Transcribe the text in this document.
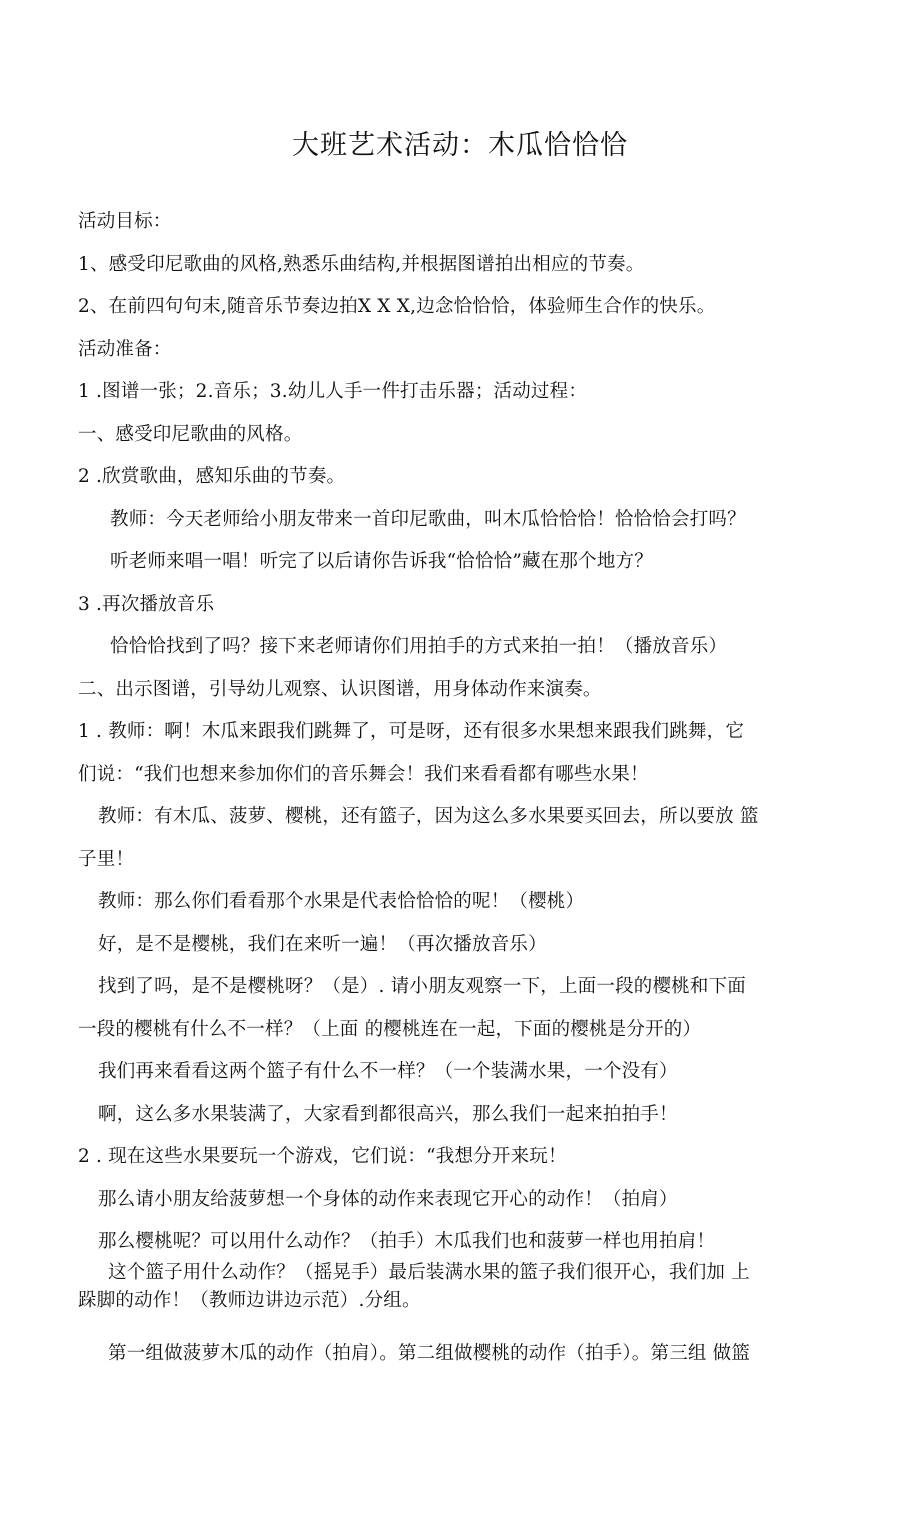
大班艺术活动：木瓜恰恰恰
活动目标：
1、感受印尼歌曲的风格,熟悉乐曲结构,并根据图谱拍出相应的节奏。
2、在前四句句末,随音乐节奏边拍X X X,边念恰恰恰，体验师生合作的快乐。
活动准备：
1 .图谱一张；2.音乐；3.幼儿人手一件打击乐器；活动过程：
一、感受印尼歌曲的风格。
2 .欣赏歌曲，感知乐曲的节奏。
教师：今天老师给小朋友带来一首印尼歌曲，叫木瓜恰恰恰！恰恰恰会打吗？
听老师来唱一唱！听完了以后请你告诉我“恰恰恰”藏在那个地方？
3 .再次播放音乐
恰恰恰找到了吗？接下来老师请你们用拍手的方式来拍一拍！（播放音乐）
二、出示图谱，引导幼儿观察、认识图谱，用身体动作来演奏。
1 . 教师：啊！木瓜来跟我们跳舞了，可是呀，还有很多水果想来跟我们跳舞，它
们说：“我们也想来参加你们的音乐舞会！我们来看看都有哪些水果！
教师：有木瓜、菠萝、樱桃，还有篮子，因为这么多水果要买回去，所以要放 篮
子里！
教师：那么你们看看那个水果是代表恰恰恰的呢！（樱桃）
好，是不是樱桃，我们在来听一遍！（再次播放音乐）
找到了吗，是不是樱桃呀？（是）. 请小朋友观察一下，上面一段的樱桃和下面
一段的樱桃有什么不一样？（上面 的樱桃连在一起，下面的樱桃是分开的）
我们再来看看这两个篮子有什么不一样？（一个装满水果，一个没有）
啊，这么多水果装满了，大家看到都很高兴，那么我们一起来拍拍手！
2 . 现在这些水果要玩一个游戏，它们说：“我想分开来玩！
那么请小朋友给菠萝想一个身体的动作来表现它开心的动作！（拍肩）
那么樱桃呢？可以用什么动作？（拍手）木瓜我们也和菠萝一样也用拍肩！
这个篮子用什么动作？（摇晃手）最后装满水果的篮子我们很开心，我们加 上
跺脚的动作！（教师边讲边示范）.分组。
第一组做菠萝木瓜的动作（拍肩）。第二组做樱桃的动作（拍手）。第三组 做篮
